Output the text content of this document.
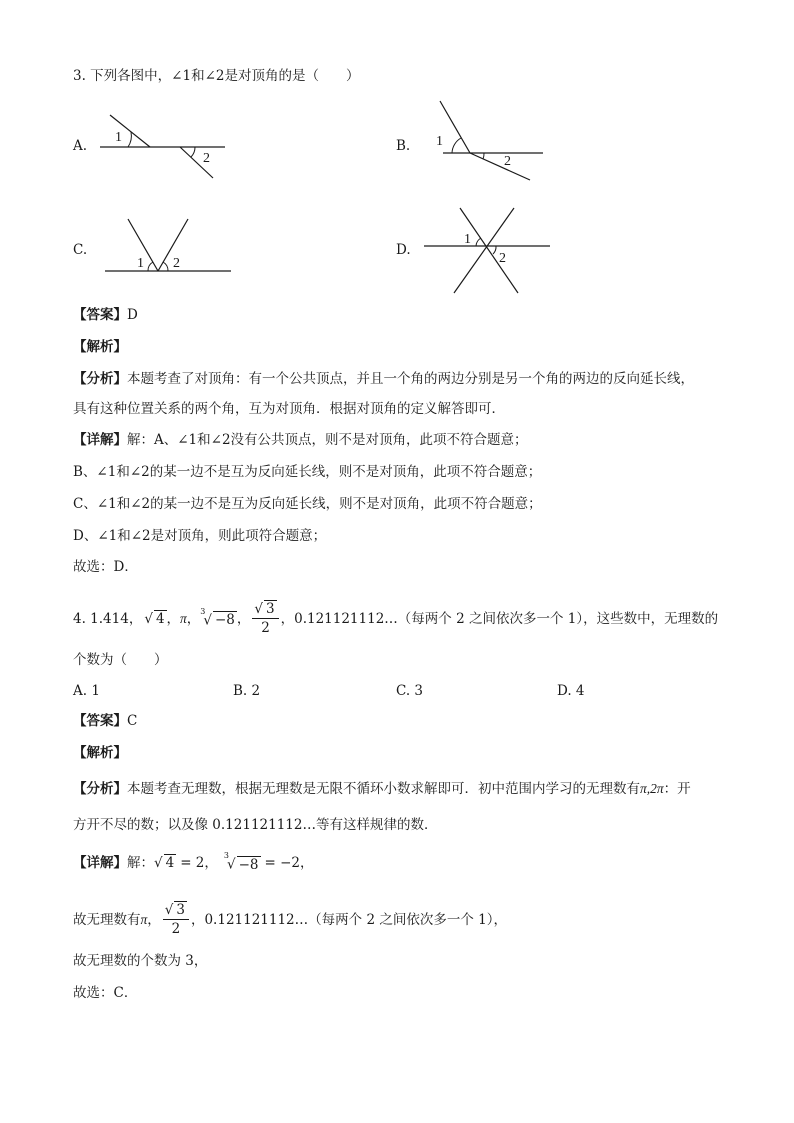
3. 下列各图中，∠1和∠2是对顶角的是（　　）
A.
1
2
B. 1
2
C.
1 2
D.
1
2
【答案】D
【解析】
【分析】本题考查了对顶角：有一个公共顶点，并且一个角的两边分别是另一个角的两边的反向延长线，
具有这种位置关系的两个角，互为对顶角．根据对顶角的定义解答即可．
【详解】解：A、∠1和∠2没有公共顶点，则不是对顶角，此项不符合题意；
B、∠1和∠2的某一边不是互为反向延长线，则不是对顶角，此项不符合题意；
C、∠1和∠2的某一边不是互为反向延长线，则不是对顶角，此项不符合题意；
D、∠1和∠2是对顶角，则此项符合题意；
故选：D．
4. 1.414， √ 4 ， π ， $^3$√ −8 ， $\frac{√ 3}{2}$ ， 0.121121112…（每两个 2 之间依次多一个 1），这些数中，无理数的
个数为（　　）
A. 1	B. 2	C. 3	D. 4
【答案】C
【解析】
【分析】本题考查无理数，根据无理数是无限不循环小数求解即可．初中范围内学习的无理数有π,2π：开
方开不尽的数；以及像 0.121121112…等有这样规律的数．
【详解】 解： √ 4 = 2， $^3$√ −8 = −2，
故无理数有 π ， $\frac{√ 3}{2}$ ， 0.121121112…（每两个 2 之间依次多一个 1），
故无理数的个数为 3，
故选：C．
